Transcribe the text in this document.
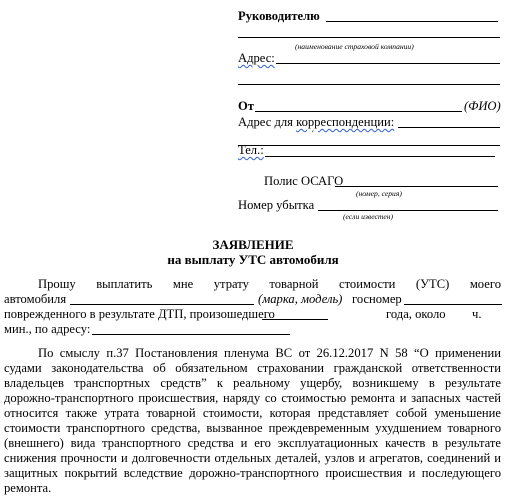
Руководителю
(наименование страховой компании)
Адрес:
От	(ФИО)
Адрес для корреспонденции:
Тел.:
Полис ОСАГО
(номер, серия)
Номер убытка
(если известен)
ЗАЯВЛЕНИЕ
на выплату УТС автомобиля
Прошу выплатить мне утрату товарной стоимости (УТС) моего
автомобиля	(марка, модель) госномер
поврежденного в результате ДТП, произошедшего	года, около ч.
мин., по адресу:
По смыслу п.37 Постановления пленума ВС от 26.12.2017 N 58 “О применении
судами законодательства об обязательном страховании гражданской ответственности
владельцев транспортных средств” к реальному ущербу, возникшему в результате
дорожно-транспортного происшествия, наряду со стоимостью ремонта и запасных частей
относится также утрата товарной стоимости, которая представляет собой уменьшение
стоимости транспортного средства, вызванное преждевременным ухудшением товарного
(внешнего) вида транспортного средства и его эксплуатационных качеств в результате
снижения прочности и долговечности отдельных деталей, узлов и агрегатов, соединений и
защитных покрытий вследствие дорожно-транспортного происшествия и последующего
ремонта.
